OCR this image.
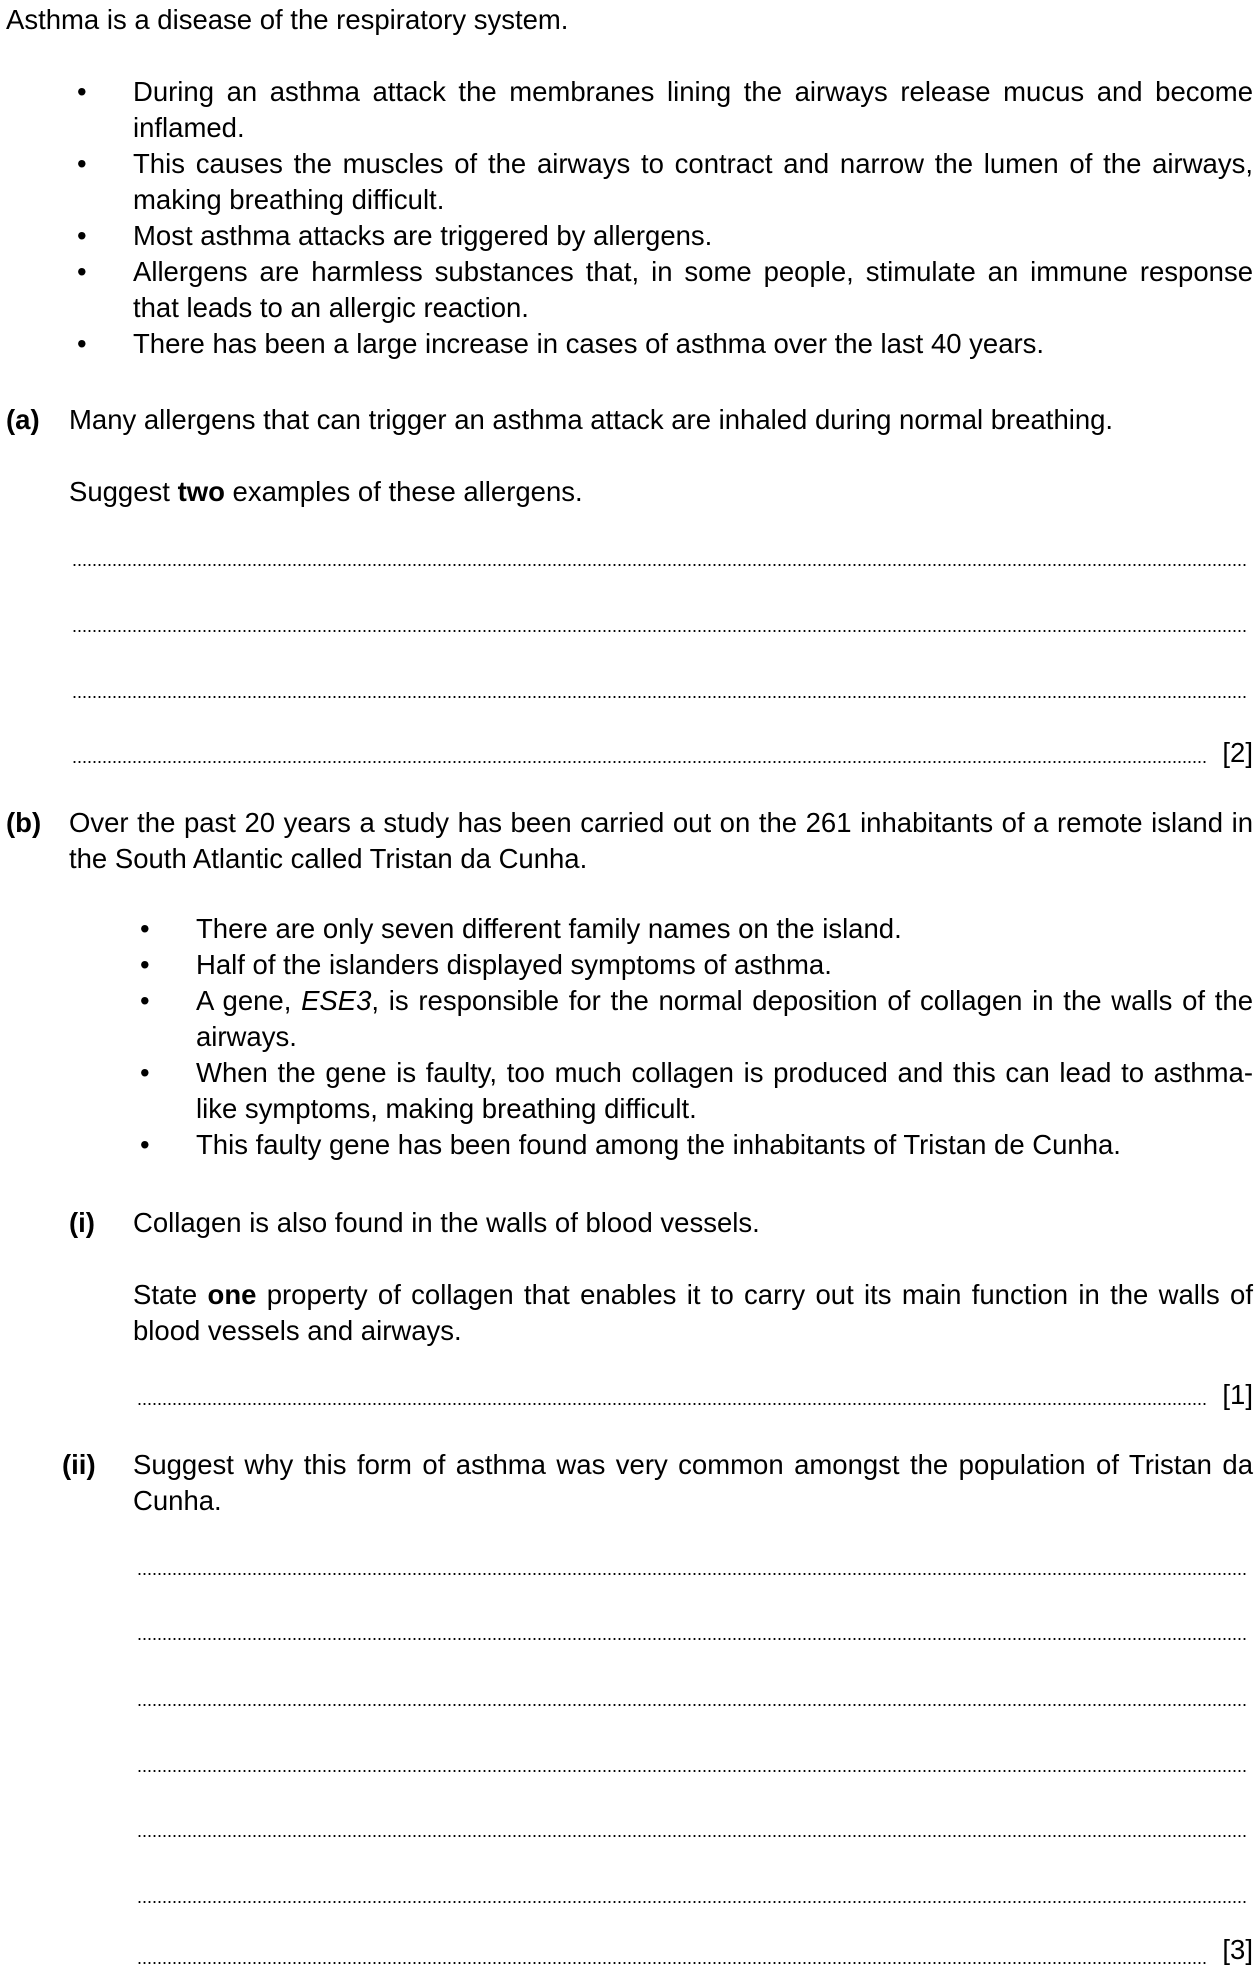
Asthma is a disease of the respiratory system.
• During an asthma attack the membranes lining the airways release mucus and become inflamed.
• This causes the muscles of the airways to contract and narrow the lumen of the airways, making breathing difficult.
• Most asthma attacks are triggered by allergens.
• Allergens are harmless substances that, in some people, stimulate an immune response that leads to an allergic reaction.
• There has been a large increase in cases of asthma over the last 40 years.
(a) Many allergens that can trigger an asthma attack are inhaled during normal breathing.
Suggest two examples of these allergens.
[2]
(b) Over the past 20 years a study has been carried out on the 261 inhabitants of a remote island in the South Atlantic called Tristan da Cunha.
• There are only seven different family names on the island.
• Half of the islanders displayed symptoms of asthma.
• A gene, ESE3, is responsible for the normal deposition of collagen in the walls of the airways.
• When the gene is faulty, too much collagen is produced and this can lead to asthma-like symptoms, making breathing difficult.
• This faulty gene has been found among the inhabitants of Tristan de Cunha.
(i) Collagen is also found in the walls of blood vessels.
State one property of collagen that enables it to carry out its main function in the walls of blood vessels and airways.
[1]
(ii) Suggest why this form of asthma was very common amongst the population of Tristan da Cunha.
[3]
